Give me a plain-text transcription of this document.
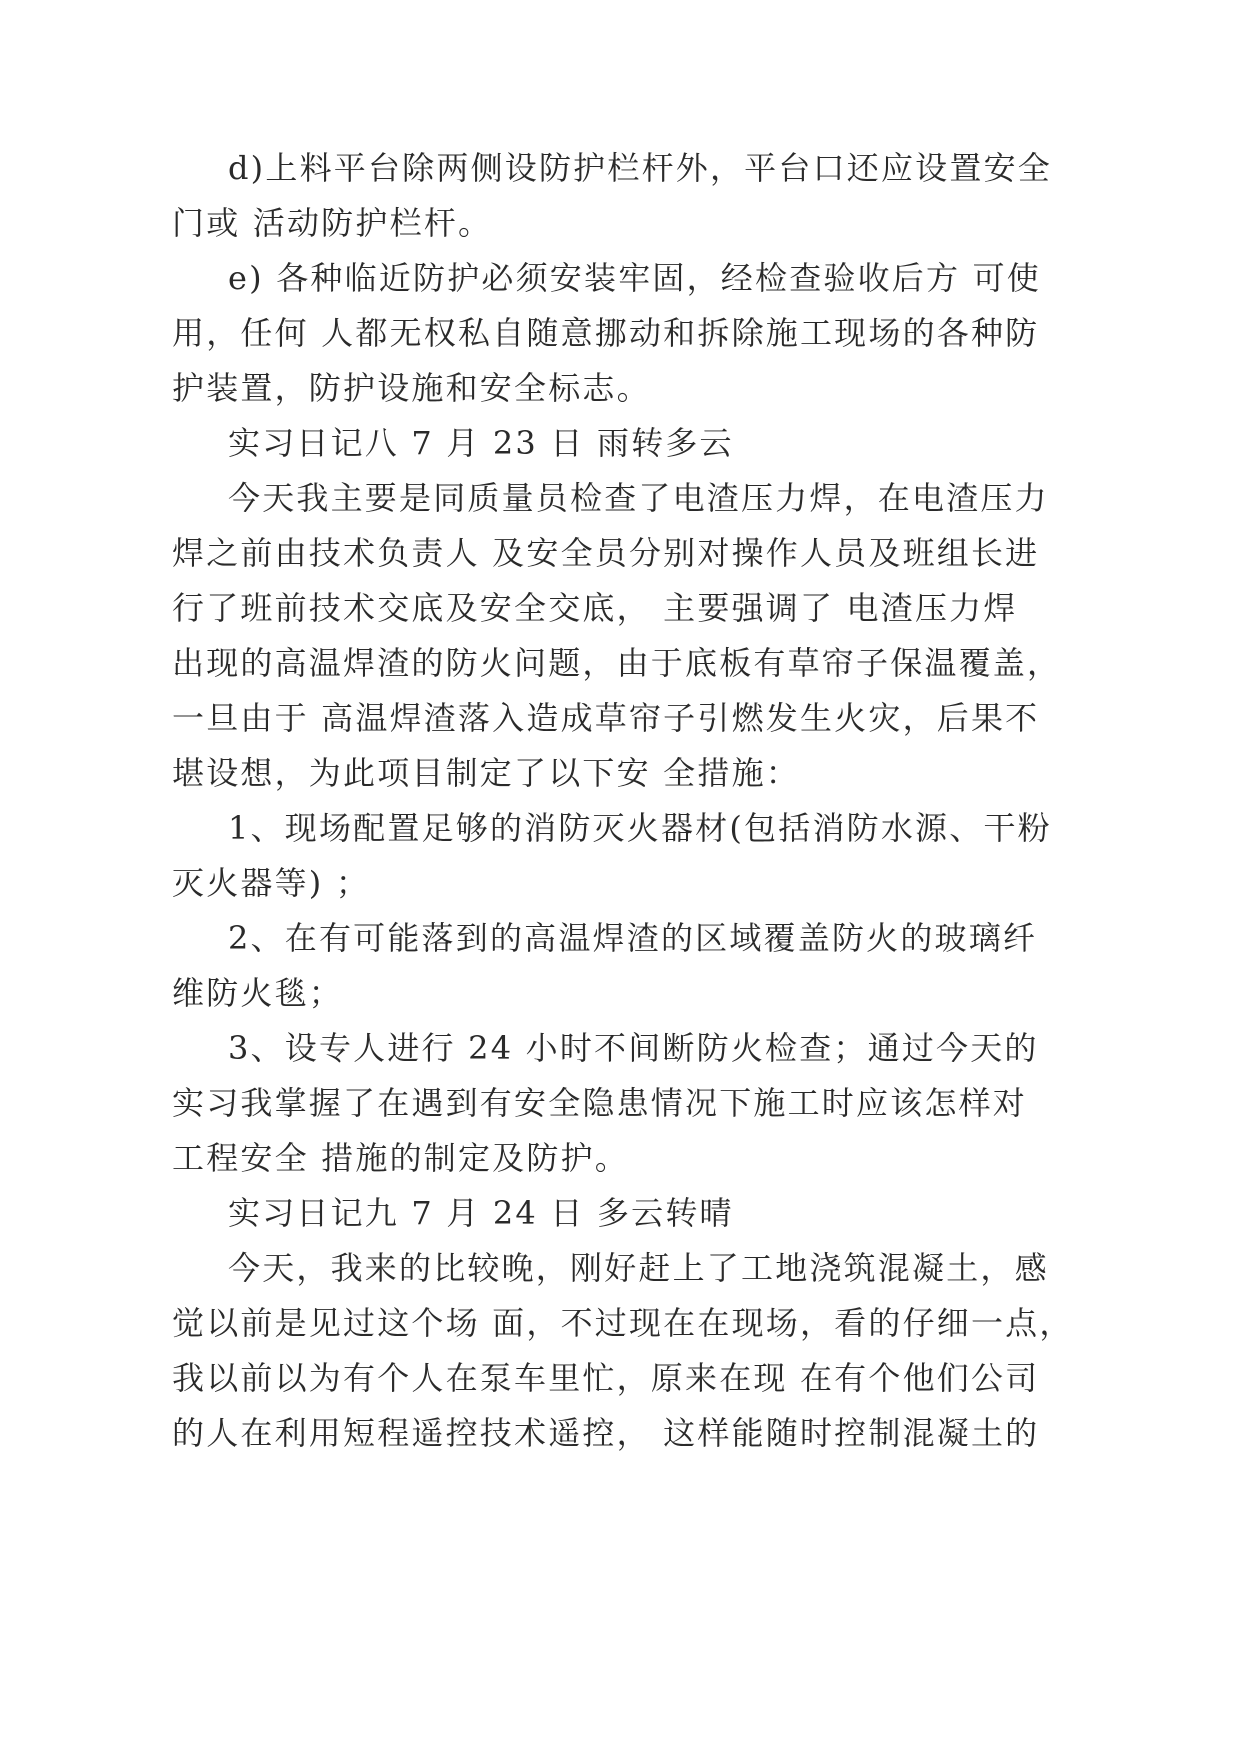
d)上料平台除两侧设防护栏杆外，平台口还应设置安全
门或 活动防护栏杆。
e) 各种临近防护必须安装牢固，经检查验收后方 可使
用，任何 人都无权私自随意挪动和拆除施工现场的各种防
护装置，防护设施和安全标志。
实习日记八 7 月 23 日 雨转多云
今天我主要是同质量员检查了电渣压力焊，在电渣压力
焊之前由技术负责人 及安全员分别对操作人员及班组长进
行了班前技术交底及安全交底， 主要强调了 电渣压力焊
出现的高温焊渣的防火问题，由于底板有草帘子保温覆盖，
一旦由于 高温焊渣落入造成草帘子引燃发生火灾，后果不
堪设想，为此项目制定了以下安 全措施：
1、现场配置足够的消防灭火器材(包括消防水源、干粉
灭火器等) ；
2、在有可能落到的高温焊渣的区域覆盖防火的玻璃纤
维防火毯；
3、设专人进行 24 小时不间断防火检查；通过今天的
实习我掌握了在遇到有安全隐患情况下施工时应该怎样对
工程安全 措施的制定及防护。
实习日记九 7 月 24 日 多云转晴
今天，我来的比较晚，刚好赶上了工地浇筑混凝土，感
觉以前是见过这个场 面，不过现在在现场，看的仔细一点，
我以前以为有个人在泵车里忙，原来在现 在有个他们公司
的人在利用短程遥控技术遥控， 这样能随时控制混凝土的
